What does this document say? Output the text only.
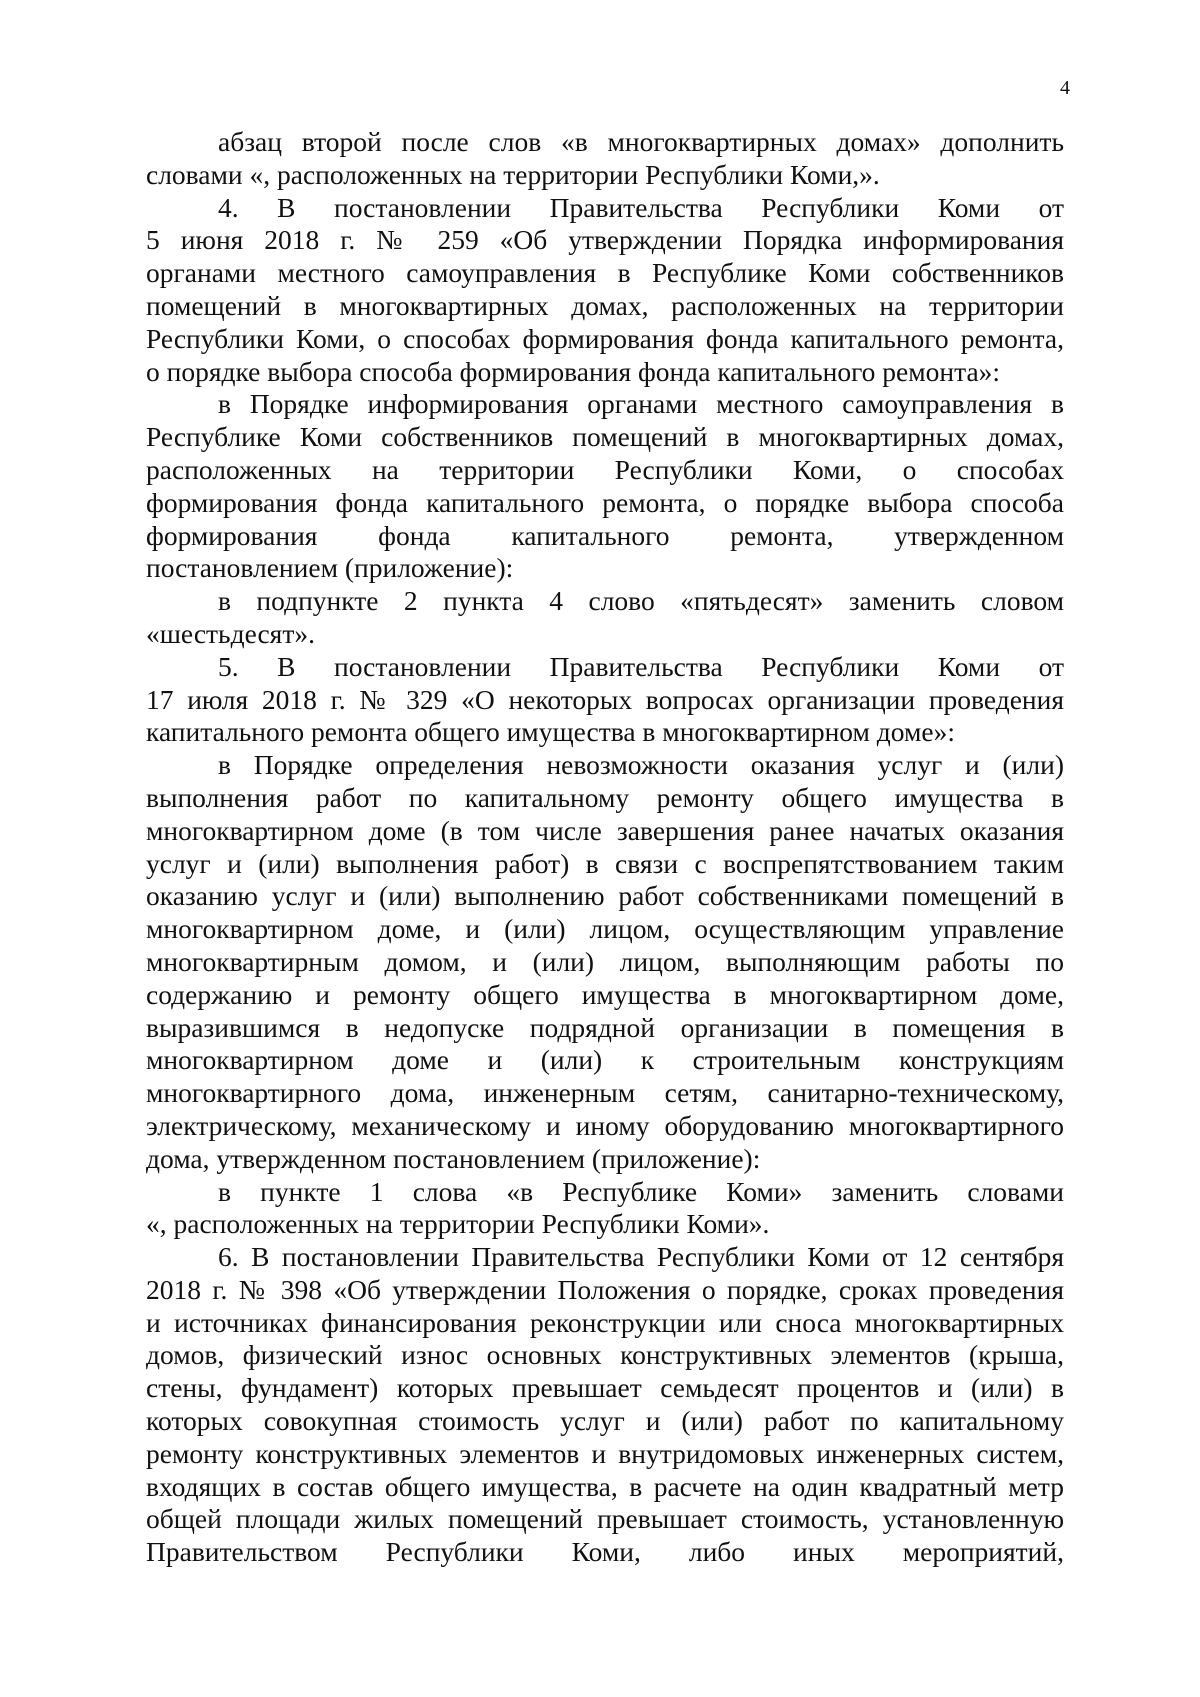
4
абзац второй после слов «в многоквартирных домах» дополнить
словами «, расположенных на территории Республики Коми,».
4. В постановлении Правительства Республики Коми от
5 июня 2018 г. № 259 «Об утверждении Порядка информирования
органами местного самоуправления в Республике Коми собственников
помещений в многоквартирных домах, расположенных на территории
Республики Коми, о способах формирования фонда капитального ремонта,
о порядке выбора способа формирования фонда капитального ремонта»:
в Порядке информирования органами местного самоуправления в
Республике Коми собственников помещений в многоквартирных домах,
расположенных на территории Республики Коми, о способах
формирования фонда капитального ремонта, о порядке выбора способа
формирования фонда капитального ремонта, утвержденном
постановлением (приложение):
в подпункте 2 пункта 4 слово «пятьдесят» заменить словом
«шестьдесят».
5. В постановлении Правительства Республики Коми от
17 июля 2018 г. № 329 «О некоторых вопросах организации проведения
капитального ремонта общего имущества в многоквартирном доме»:
в Порядке определения невозможности оказания услуг и (или)
выполнения работ по капитальному ремонту общего имущества в
многоквартирном доме (в том числе завершения ранее начатых оказания
услуг и (или) выполнения работ) в связи с воспрепятствованием таким
оказанию услуг и (или) выполнению работ собственниками помещений в
многоквартирном доме, и (или) лицом, осуществляющим управление
многоквартирным домом, и (или) лицом, выполняющим работы по
содержанию и ремонту общего имущества в многоквартирном доме,
выразившимся в недопуске подрядной организации в помещения в
многоквартирном доме и (или) к строительным конструкциям
многоквартирного дома, инженерным сетям, санитарно-техническому,
электрическому, механическому и иному оборудованию многоквартирного
дома, утвержденном постановлением (приложение):
в пункте 1 слова «в Республике Коми» заменить словами
«, расположенных на территории Республики Коми».
6. В постановлении Правительства Республики Коми от 12 сентября
2018 г. № 398 «Об утверждении Положения о порядке, сроках проведения
и источниках финансирования реконструкции или сноса многоквартирных
домов, физический износ основных конструктивных элементов (крыша,
стены, фундамент) которых превышает семьдесят процентов и (или) в
которых совокупная стоимость услуг и (или) работ по капитальному
ремонту конструктивных элементов и внутридомовых инженерных систем,
входящих в состав общего имущества, в расчете на один квадратный метр
общей площади жилых помещений превышает стоимость, установленную
Правительством Республики Коми, либо иных мероприятий,
